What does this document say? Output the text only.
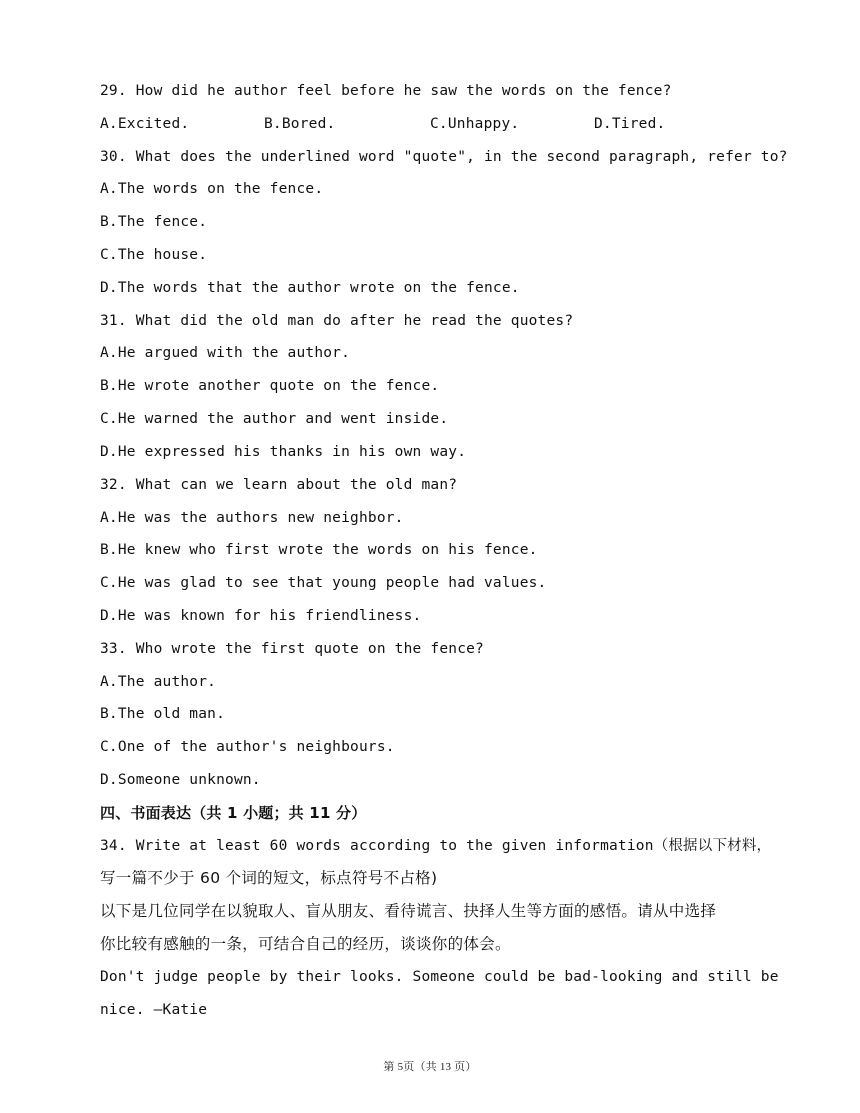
29. How did he author feel before he saw the words on the fence?
A.Excited.	B.Bored.	C.Unhappy.	D.Tired.
30. What does the underlined word "quote", in the second paragraph, refer to?
A.The words on the fence.
B.The fence.
C.The house.
D.The words that the author wrote on the fence.
31. What did the old man do after he read the quotes?
A.He argued with the author.
B.He wrote another quote on the fence.
C.He warned the author and went inside.
D.He expressed his thanks in his own way.
32. What can we learn about the old man?
A.He was the authors new neighbor.
B.He knew who first wrote the words on his fence.
C.He was glad to see that young people had values.
D.He was known for his friendliness.
33. Who wrote the first quote on the fence?
A.The author.
B.The old man.
C.One of the author's neighbours.
D.Someone unknown.
四、书面表达（共 1 小题；共 11 分）
34. Write at least 60 words according to the given information（根据以下材料，
写一篇不少于 60 个词的短文，标点符号不占格)
以下是几位同学在以貌取人、盲从朋友、看待谎言、抉择人生等方面的感悟。请从中选择
你比较有感触的一条，可结合自己的经历，谈谈你的体会。
Don't judge people by their looks. Someone could be bad-looking and still be
nice. —Katie
第 5页（共 13 页）
